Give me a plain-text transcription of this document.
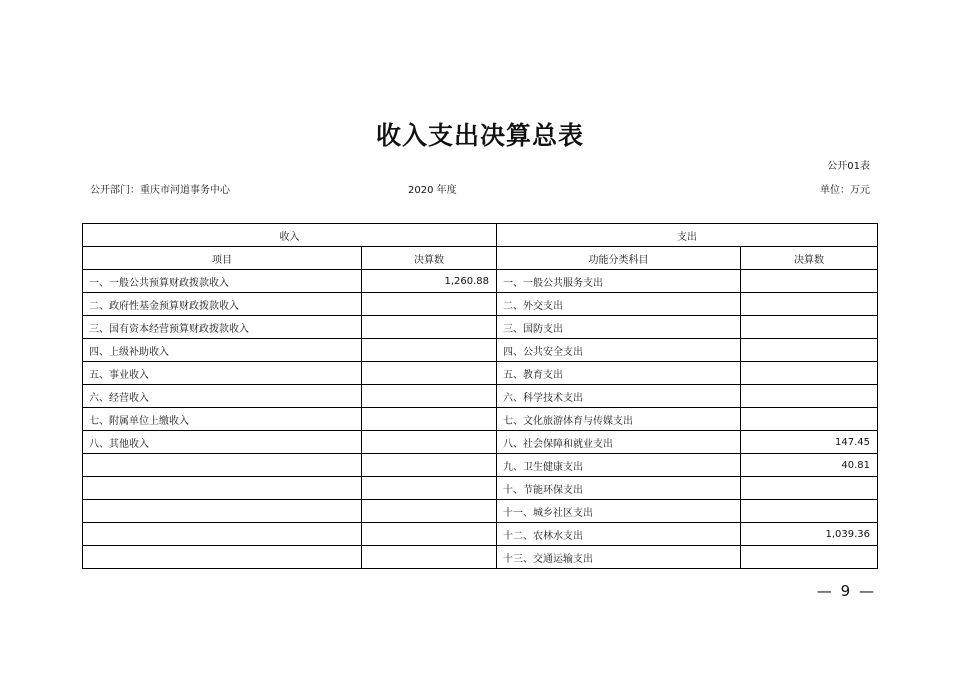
收入支出决算总表
公开01表
公开部门：重庆市河道事务中心	2020 年度	单位：万元
收入		支出	
项目	决算数	功能分类科目	决算数
一、一般公共预算财政拨款收入	1,260.88	一、一般公共服务支出	
二、政府性基金预算财政拨款收入		二、外交支出	
三、国有资本经营预算财政拨款收入		三、国防支出	
四、上级补助收入		四、公共安全支出	
五、事业收入		五、教育支出	
六、经营收入		六、科学技术支出	
七、附属单位上缴收入		七、文化旅游体育与传媒支出	
八、其他收入		八、社会保障和就业支出	147.45
		九、卫生健康支出	40.81
		十、节能环保支出	
		十一、城乡社区支出	
		十二、农林水支出	1,039.36
		十三、交通运输支出	
— 9 —
